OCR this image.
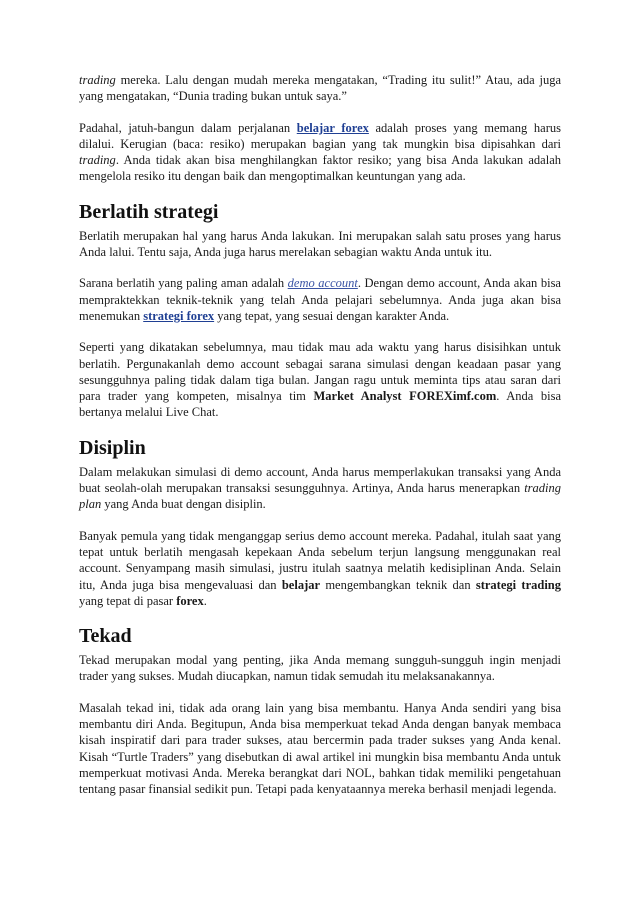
trading mereka. Lalu dengan mudah mereka mengatakan, “Trading itu sulit!” Atau, ada juga yang mengatakan, “Dunia trading bukan untuk saya.”

Padahal, jatuh-bangun dalam perjalanan belajar forex adalah proses yang memang harus dilalui. Kerugian (baca: resiko) merupakan bagian yang tak mungkin bisa dipisahkan dari trading. Anda tidak akan bisa menghilangkan faktor resiko; yang bisa Anda lakukan adalah mengelola resiko itu dengan baik dan mengoptimalkan keuntungan yang ada.

Berlatih strategi

Berlatih merupakan hal yang harus Anda lakukan. Ini merupakan salah satu proses yang harus Anda lalui. Tentu saja, Anda juga harus merelakan sebagian waktu Anda untuk itu.

Sarana berlatih yang paling aman adalah demo account. Dengan demo account, Anda akan bisa mempraktekkan teknik-teknik yang telah Anda pelajari sebelumnya. Anda juga akan bisa menemukan strategi forex yang tepat, yang sesuai dengan karakter Anda.

Seperti yang dikatakan sebelumnya, mau tidak mau ada waktu yang harus disisihkan untuk berlatih. Pergunakanlah demo account sebagai sarana simulasi dengan keadaan pasar yang sesungguhnya paling tidak dalam tiga bulan. Jangan ragu untuk meminta tips atau saran dari para trader yang kompeten, misalnya tim Market Analyst FOREXimf.com. Anda bisa bertanya melalui Live Chat.

Disiplin

Dalam melakukan simulasi di demo account, Anda harus memperlakukan transaksi yang Anda buat seolah-olah merupakan transaksi sesungguhnya. Artinya, Anda harus menerapkan trading plan yang Anda buat dengan disiplin.

Banyak pemula yang tidak menganggap serius demo account mereka. Padahal, itulah saat yang tepat untuk berlatih mengasah kepekaan Anda sebelum terjun langsung menggunakan real account. Senyampang masih simulasi, justru itulah saatnya melatih kedisiplinan Anda. Selain itu, Anda juga bisa mengevaluasi dan belajar mengembangkan teknik dan strategi trading yang tepat di pasar forex.

Tekad

Tekad merupakan modal yang penting, jika Anda memang sungguh-sungguh ingin menjadi trader yang sukses. Mudah diucapkan, namun tidak semudah itu melaksanakannya.

Masalah tekad ini, tidak ada orang lain yang bisa membantu. Hanya Anda sendiri yang bisa membantu diri Anda. Begitupun, Anda bisa memperkuat tekad Anda dengan banyak membaca kisah inspiratif dari para trader sukses, atau bercermin pada trader sukses yang Anda kenal. Kisah “Turtle Traders” yang disebutkan di awal artikel ini mungkin bisa membantu Anda untuk memperkuat motivasi Anda. Mereka berangkat dari NOL, bahkan tidak memiliki pengetahuan tentang pasar finansial sedikit pun. Tetapi pada kenyataannya mereka berhasil menjadi legenda.
